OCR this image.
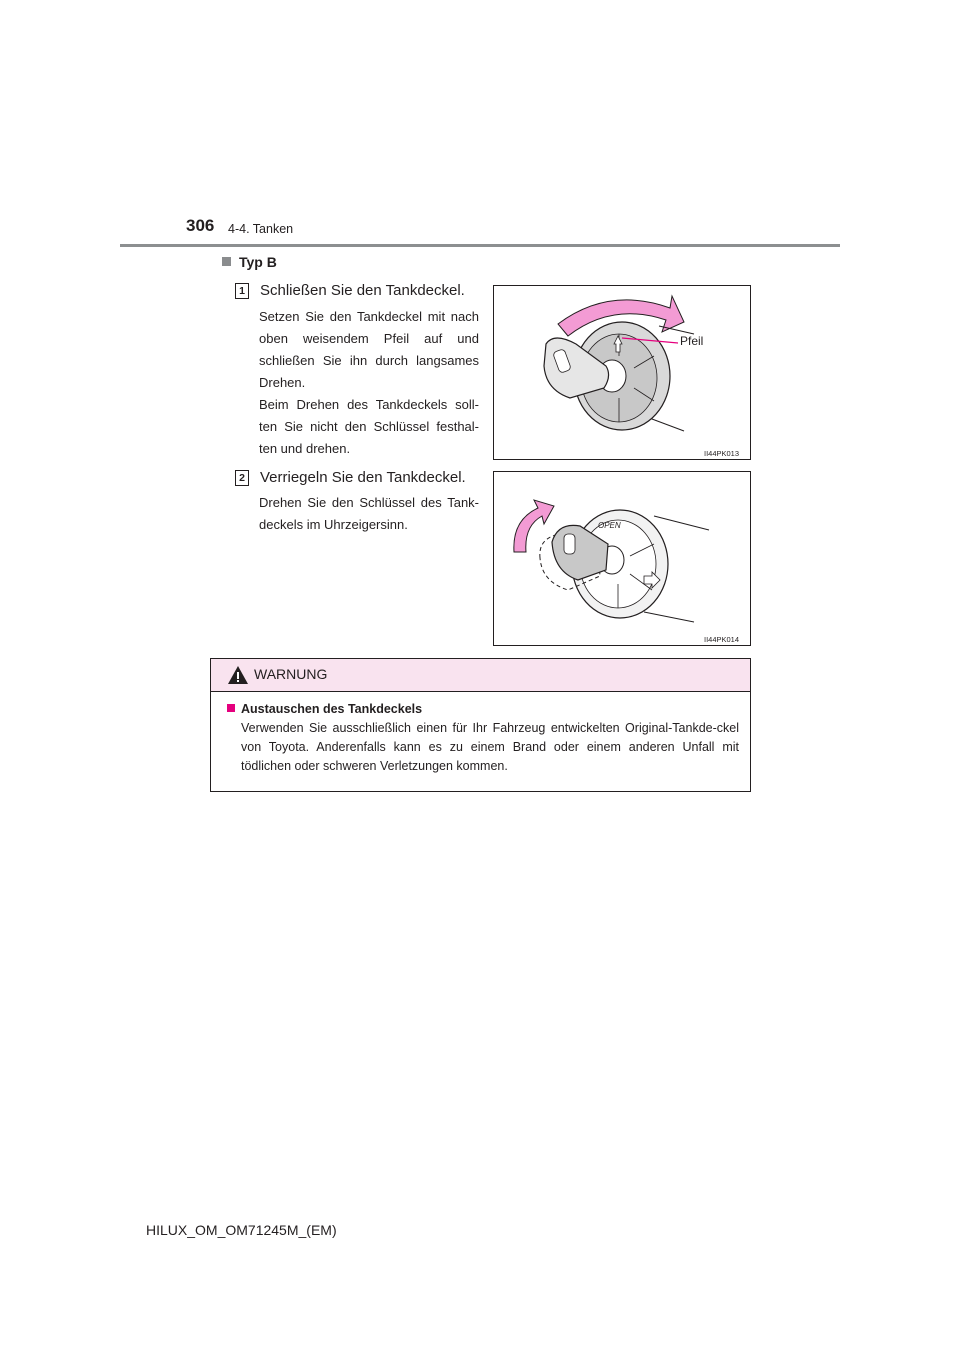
306 4-4. Tanken
Typ B
1 Schließen Sie den Tankdeckel.
Setzen Sie den Tankdeckel mit nach oben weisendem Pfeil auf und schließen Sie ihn durch langsames Drehen.
Beim Drehen des Tankdeckels soll-ten Sie nicht den Schlüssel festhal-ten und drehen.
Pfeil
II44PK013
2 Verriegeln Sie den Tankdeckel.
Drehen Sie den Schlüssel des Tank-deckels im Uhrzeigersinn.	OPEN
II44PK014
WARNUNG
Austauschen des Tankdeckels
Verwenden Sie ausschließlich einen für Ihr Fahrzeug entwickelten Original-Tankde-ckel von Toyota. Anderenfalls kann es zu einem Brand oder einem anderen Unfall mit tödlichen oder schweren Verletzungen kommen.
HILUX_OM_OM71245M_(EM)
